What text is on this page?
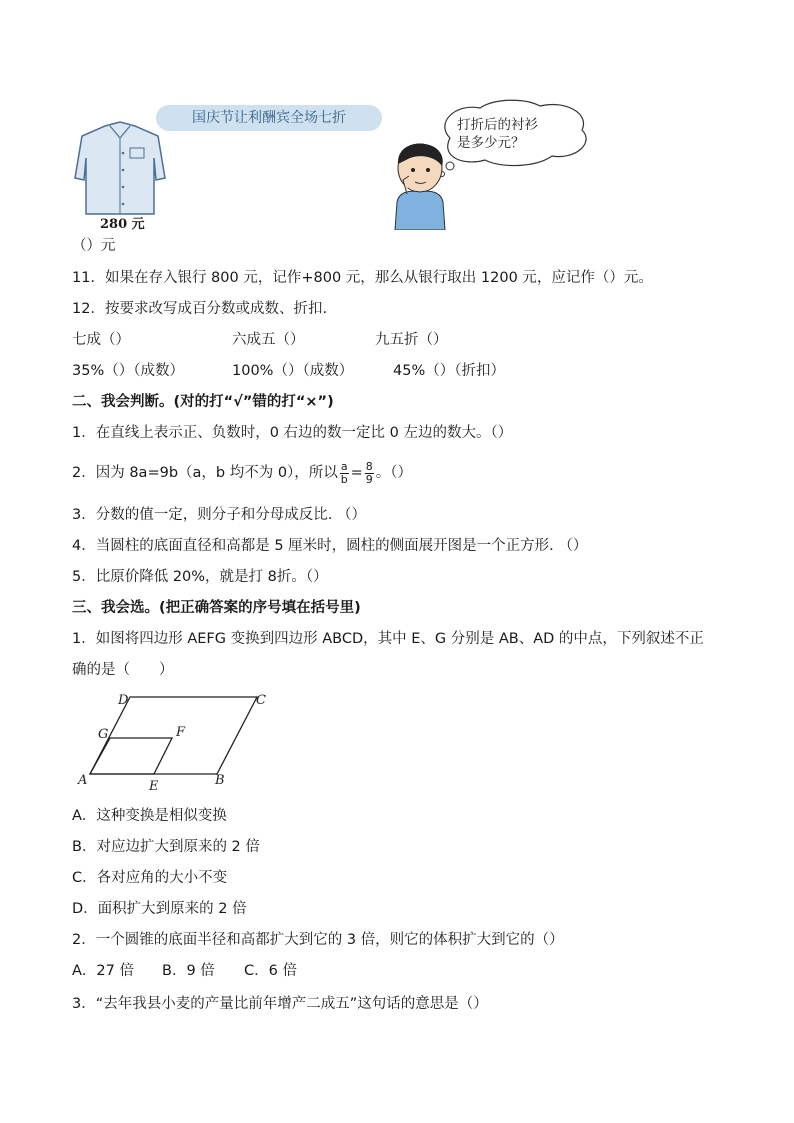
280 元
国庆节让利酬宾全场七折	打折后的衬衫
是多少元？
（）元
11．如果在存入银行 800 元，记作+800 元，那么从银行取出 1200 元，应记作（）元。
12．按要求改写成百分数或成数、折扣.
七成（）	六成五（）	九五折（）
35%（）（成数）	100%（）（成数）	45%（）（折扣）
二、我会判断。(对的打“√”错的打“×”)
1．在直线上表示正、负数时，0 右边的数一定比 0 左边的数大。（）
2．因为 8a=9b（a，b 均不为 0），所以 $\frac{a}{b} = \frac{8}{9}$ 。（）
3．分数的值一定，则分子和分母成反比. （）
4．当圆柱的底面直径和高都是 5 厘米时，圆柱的侧面展开图是一个正方形. （）
5．比原价降低 20%，就是打 8折。（）
三、我会选。(把正确答案的序号填在括号里)
1．如图将四边形 AEFG 变换到四边形 ABCD，其中 E、G 分别是 AB、AD 的中点，下列叙述不正
确的是（　　）
A	B
C
D
E
F
G
A．这种变换是相似变换
B．对应边扩大到原来的 2 倍
C．各对应角的大小不变
D．面积扩大到原来的 2 倍
2．一个圆锥的底面半径和高都扩大到它的 3 倍，则它的体积扩大到它的（）
A．27 倍 B．9 倍 C．6 倍
3．“去年我县小麦的产量比前年增产二成五”这句话的意思是（）
